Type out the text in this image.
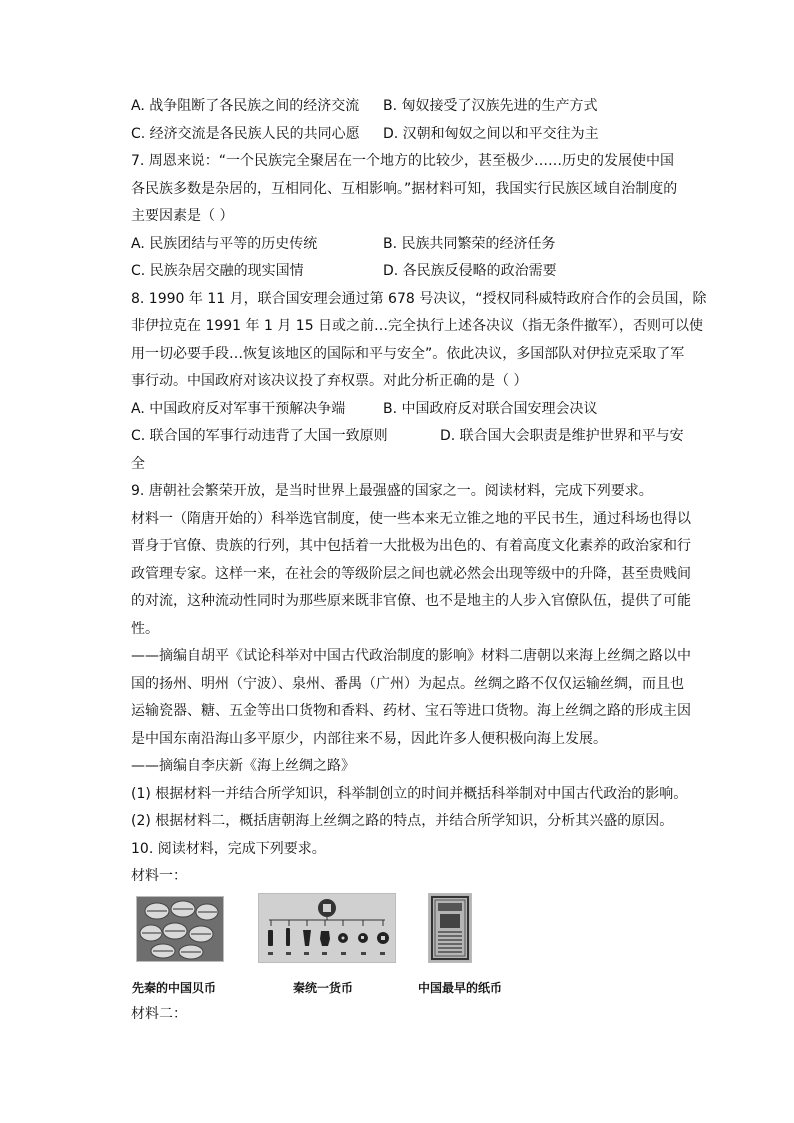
A. 战争阻断了各民族之间的经济交流 B. 匈奴接受了汉族先进的生产方式
C. 经济交流是各民族人民的共同心愿 D. 汉朝和匈奴之间以和平交往为主
7. 周恩来说：“一个民族完全聚居在一个地方的比较少，甚至极少……历史的发展使中国
各民族多数是杂居的，互相同化、互相影响。”据材料可知，我国实行民族区域自治制度的
主要因素是（ ）
A. 民族团结与平等的历史传统	B. 民族共同繁荣的经济任务
C. 民族杂居交融的现实国情	D. 各民族反侵略的政治需要
8. 1990 年 11 月，联合国安理会通过第 678 号决议，“授权同科威特政府合作的会员国，除
非伊拉克在 1991 年 1 月 15 日或之前…完全执行上述各决议（指无条件撤军），否则可以使
用一切必要手段…恢复该地区的国际和平与安全”。依此决议，多国部队对伊拉克采取了军
事行动。中国政府对该决议投了弃权票。对此分析正确的是（ ）
A. 中国政府反对军事干预解决争端	B. 中国政府反对联合国安理会决议
C. 联合国的军事行动违背了大国一致原则	D. 联合国大会职责是维护世界和平与安
全
9. 唐朝社会繁荣开放，是当时世界上最强盛的国家之一。阅读材料，完成下列要求。
材料一（隋唐开始的）科举选官制度，使一些本来无立锥之地的平民书生，通过科场也得以
晋身于官僚、贵族的行列，其中包括着一大批极为出色的、有着高度文化素养的政治家和行
政管理专家。这样一来，在社会的等级阶层之间也就必然会出现等级中的升降，甚至贵贱间
的对流，这种流动性同时为那些原来既非官僚、也不是地主的人步入官僚队伍，提供了可能
性。
——摘编自胡平《试论科举对中国古代政治制度的影响》材料二唐朝以来海上丝绸之路以中
国的扬州、明州（宁波）、泉州、番禺（广州）为起点。丝绸之路不仅仅运输丝绸，而且也
运输瓷器、糖、五金等出口货物和香料、药材、宝石等进口货物。海上丝绸之路的形成主因
是中国东南沿海山多平原少，内部往来不易，因此许多人便积极向海上发展。
——摘编自李庆新《海上丝绸之路》
(1) 根据材料一并结合所学知识，科举制创立的时间并概括科举制对中国古代政治的影响。
(2) 根据材料二，概括唐朝海上丝绸之路的特点，并结合所学知识，分析其兴盛的原因。
10. 阅读材料，完成下列要求。
材料一：
先秦的中国贝币	秦统一货币	中国最早的纸币
材料二：
